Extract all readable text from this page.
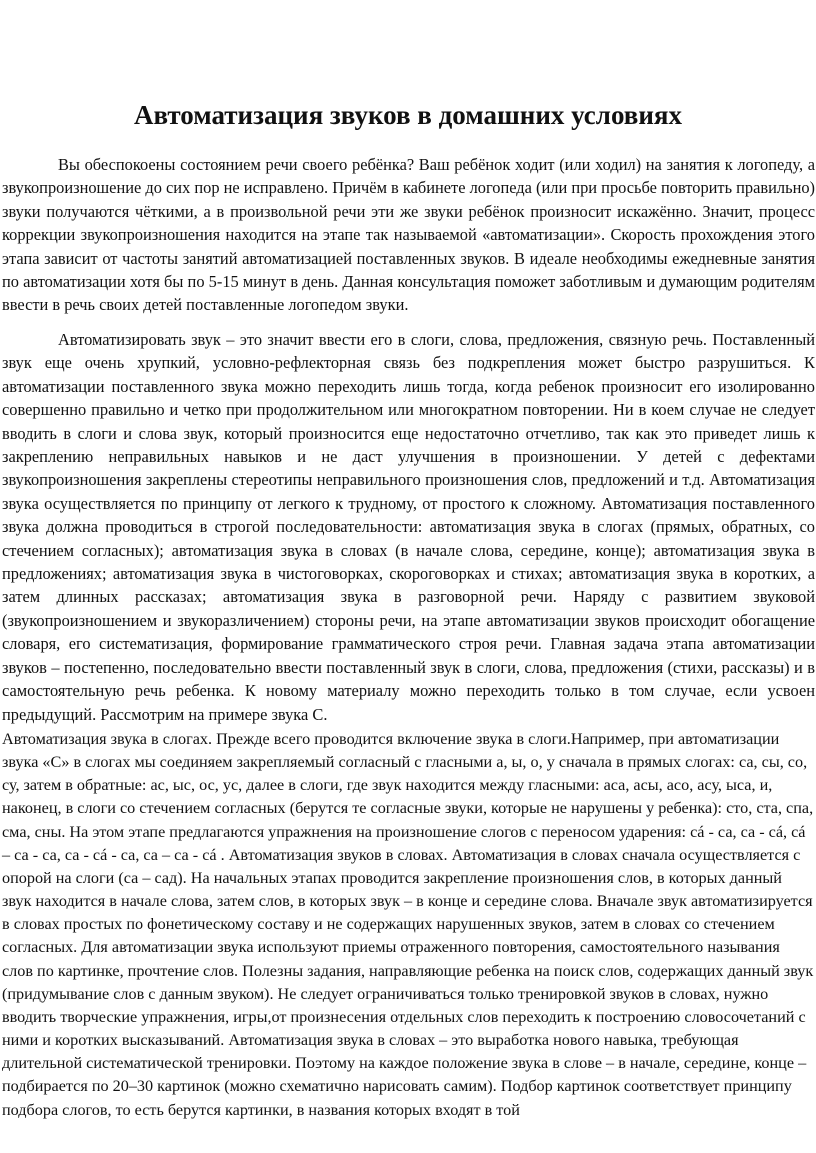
Автоматизация звуков в домашних условиях

Вы обеспокоены состоянием речи своего ребёнка? Ваш ребёнок ходит (или ходил) на занятия к логопеду, а звукопроизношение до сих пор не исправлено. Причём в кабинете логопеда (или при просьбе повторить правильно) звуки получаются чёткими, а в произвольной речи эти же звуки ребёнок произносит искажённо. Значит, процесс коррекции звукопроизношения находится на этапе так называемой «автоматизации». Скорость прохождения этого этапа зависит от частоты занятий автоматизацией поставленных звуков. В идеале необходимы ежедневные занятия по автоматизации хотя бы по 5-15 минут в день. Данная консультация поможет заботливым и думающим родителям ввести в речь своих детей поставленные логопедом звуки.

Автоматизировать звук – это значит ввести его в слоги, слова, предложения, связную речь. Поставленный звук еще очень хрупкий, условно-рефлекторная связь без подкрепления может быстро разрушиться. К автоматизации поставленного звука можно переходить лишь тогда, когда ребенок произносит его изолированно совершенно правильно и четко при продолжительном или многократном повторении. Ни в коем случае не следует вводить в слоги и слова звук, который произносится еще недостаточно отчетливо, так как это приведет лишь к закреплению неправильных навыков и не даст улучшения в произношении. У детей с дефектами звукопроизношения закреплены стереотипы неправильного произношения слов, предложений и т.д. Автоматизация звука осуществляется по принципу от легкого к трудному, от простого к сложному. Автоматизация поставленного звука должна проводиться в строгой последовательности: автоматизация звука в слогах (прямых, обратных, со стечением согласных); автоматизация звука в словах (в начале слова, середине, конце); автоматизация звука в предложениях; автоматизация звука в чистоговорках, скороговорках и стихах; автоматизация звука в коротких, а затем длинных рассказах; автоматизация звука в разговорной речи. Наряду с развитием звуковой (звукопроизношением и звукоразличением) стороны речи, на этапе автоматизации звуков происходит обогащение словаря, его систематизация, формирование грамматического строя речи. Главная задача этапа автоматизации звуков – постепенно, последовательно ввести поставленный звук в слоги, слова, предложения (стихи, рассказы) и в самостоятельную речь ребенка. К новому материалу можно переходить только в том случае, если усвоен предыдущий. Рассмотрим на примере звука С.

Автоматизация звука в слогах. Прежде всего проводится включение звука в слоги.Например, при автоматизации звука «С» в слогах мы соединяем закрепляемый согласный с гласными а, ы, о, у сначала в прямых слогах: са, сы, со, су, затем в обратные: ас, ыс, ос, ус, далее в слоги, где звук находится между гласными: аса, асы, асо, асу, ыса, и, наконец, в слоги со стечением согласных (берутся те согласные звуки, которые не нарушены у ребенка): сто, ста, спа, сма, сны. На этом этапе предлагаются упражнения на произношение слогов с переносом ударения: сá - са, са - сá, сá – са - са, са - сá - са, са – са - сá . Автоматизация звуков в словах. Автоматизация в словах сначала осуществляется с опорой на слоги (са – сад). На начальных этапах проводится закрепление произношения слов, в которых данный звук находится в начале слова, затем слов, в которых звук – в конце и середине слова. Вначале звук автоматизируется в словах простых по фонетическому составу и не содержащих нарушенных звуков, затем в словах со стечением согласных. Для автоматизации звука используют приемы отраженного повторения, самостоятельного называния слов по картинке, прочтение слов. Полезны задания, направляющие ребенка на поиск слов, содержащих данный звук (придумывание слов с данным звуком). Не следует ограничиваться только тренировкой звуков в словах, нужно вводить творческие упражнения, игры,от произнесения отдельных слов переходить к построению словосочетаний с ними и коротких высказываний. Автоматизация звука в словах – это выработка нового навыка, требующая длительной систематической тренировки. Поэтому на каждое положение звука в слове – в начале, середине, конце – подбирается по 20–30 картинок (можно схематично нарисовать самим). Подбор картинок соответствует принципу подбора слогов, то есть берутся картинки, в названия которых входят в той
